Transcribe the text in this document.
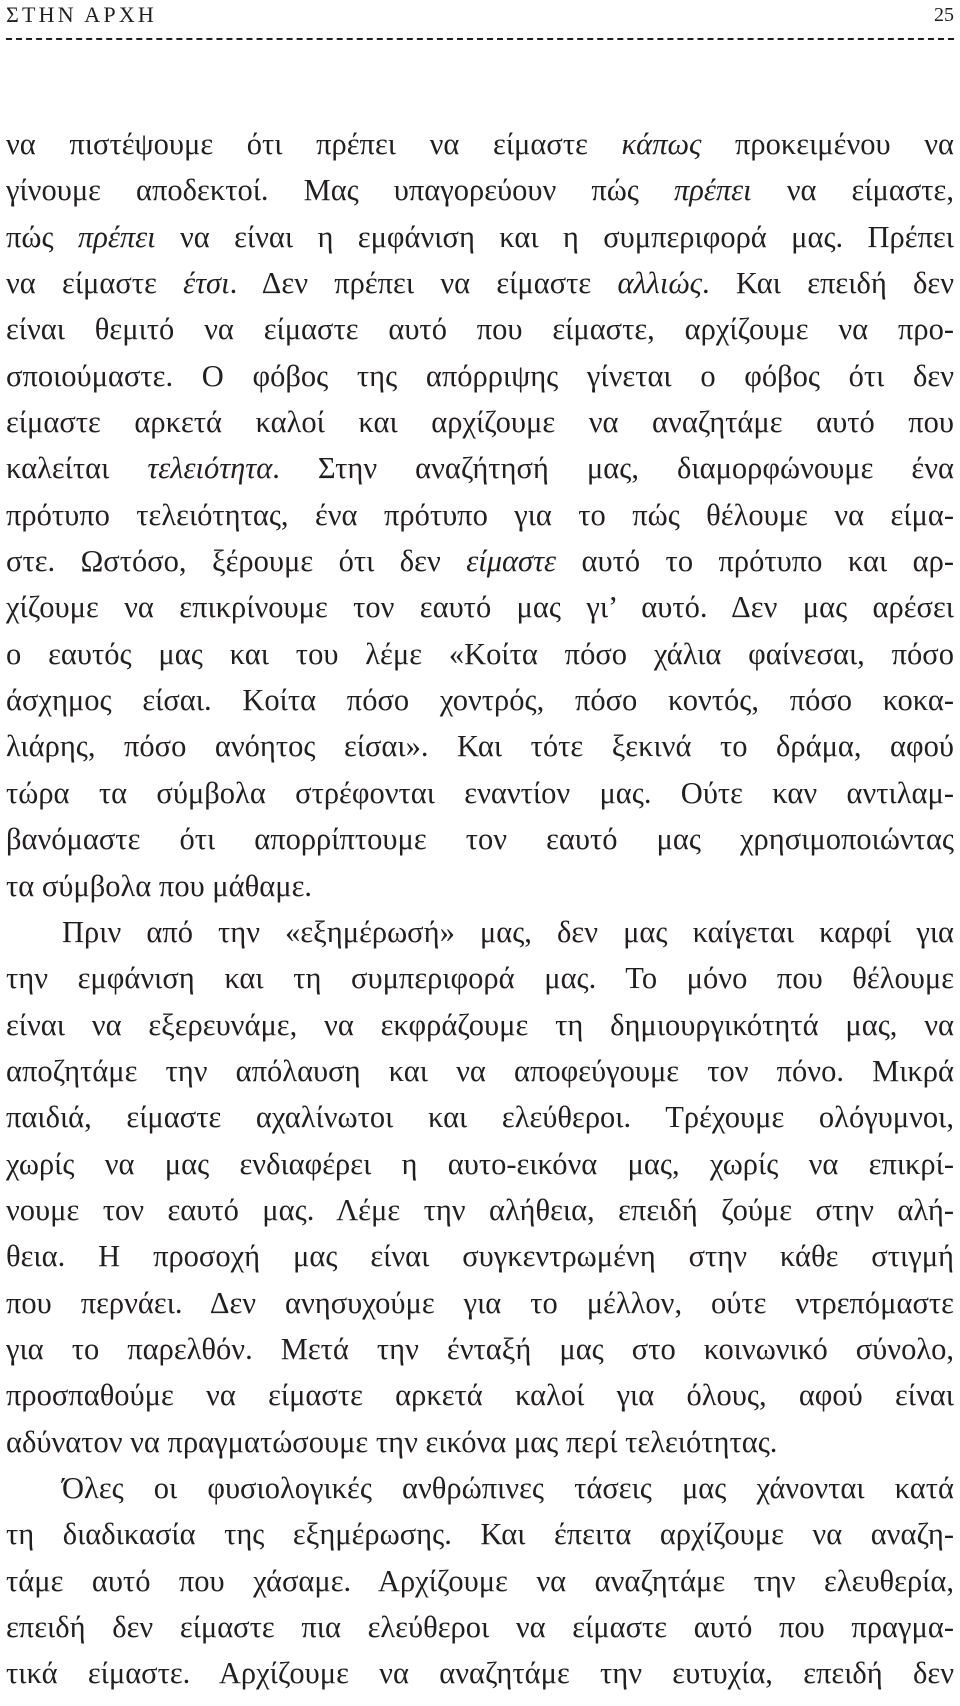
ΣΤΗΝ ΑΡΧΗ	25
να πιστέψουμε ότι πρέπει να είμαστε κάπως προκειμένου να
γίνουμε αποδεκτοί. Μας υπαγορεύουν πώς πρέπει να είμαστε,
πώς πρέπει να είναι η εμφάνιση και η συμπεριφορά μας. Πρέπει
να είμαστε έτσι. Δεν πρέπει να είμαστε αλλιώς. Και επειδή δεν
είναι θεμιτό να είμαστε αυτό που είμαστε, αρχίζουμε να προ-
σποιούμαστε. Ο φόβος της απόρριψης γίνεται ο φόβος ότι δεν
είμαστε αρκετά καλοί και αρχίζουμε να αναζητάμε αυτό που
καλείται τελειότητα. Στην αναζήτησή μας, διαμορφώνουμε ένα
πρότυπο τελειότητας, ένα πρότυπο για το πώς θέλουμε να είμα-
στε. Ωστόσο, ξέρουμε ότι δεν είμαστε αυτό το πρότυπο και αρ-
χίζουμε να επικρίνουμε τον εαυτό μας γι’ αυτό. Δεν μας αρέσει
ο εαυτός μας και του λέμε «Κοίτα πόσο χάλια φαίνεσαι, πόσο
άσχημος είσαι. Κοίτα πόσο χοντρός, πόσο κοντός, πόσο κοκα-
λιάρης, πόσο ανόητος είσαι». Και τότε ξεκινά το δράμα, αφού
τώρα τα σύμβολα στρέφονται εναντίον μας. Ούτε καν αντιλαμ-
βανόμαστε ότι απορρίπτουμε τον εαυτό μας χρησιμοποιώντας
τα σύμβολα που μάθαμε.
Πριν από την «εξημέρωσή» μας, δεν μας καίγεται καρφί για
την εμφάνιση και τη συμπεριφορά μας. Το μόνο που θέλουμε
είναι να εξερευνάμε, να εκφράζουμε τη δημιουργικότητά μας, να
αποζητάμε την απόλαυση και να αποφεύγουμε τον πόνο. Μικρά
παιδιά, είμαστε αχαλίνωτοι και ελεύθεροι. Τρέχουμε ολόγυμνοι,
χωρίς να μας ενδιαφέρει η αυτο-εικόνα μας, χωρίς να επικρί-
νουμε τον εαυτό μας. Λέμε την αλήθεια, επειδή ζούμε στην αλή-
θεια. Η προσοχή μας είναι συγκεντρωμένη στην κάθε στιγμή
που περνάει. Δεν ανησυχούμε για το μέλλον, ούτε ντρεπόμαστε
για το παρελθόν. Μετά την ένταξή μας στο κοινωνικό σύνολο,
προσπαθούμε να είμαστε αρκετά καλοί για όλους, αφού είναι
αδύνατον να πραγματώσουμε την εικόνα μας περί τελειότητας.
Όλες οι φυσιολογικές ανθρώπινες τάσεις μας χάνονται κατά
τη διαδικασία της εξημέρωσης. Και έπειτα αρχίζουμε να αναζη-
τάμε αυτό που χάσαμε. Αρχίζουμε να αναζητάμε την ελευθερία,
επειδή δεν είμαστε πια ελεύθεροι να είμαστε αυτό που πραγμα-
τικά είμαστε. Αρχίζουμε να αναζητάμε την ευτυχία, επειδή δεν
